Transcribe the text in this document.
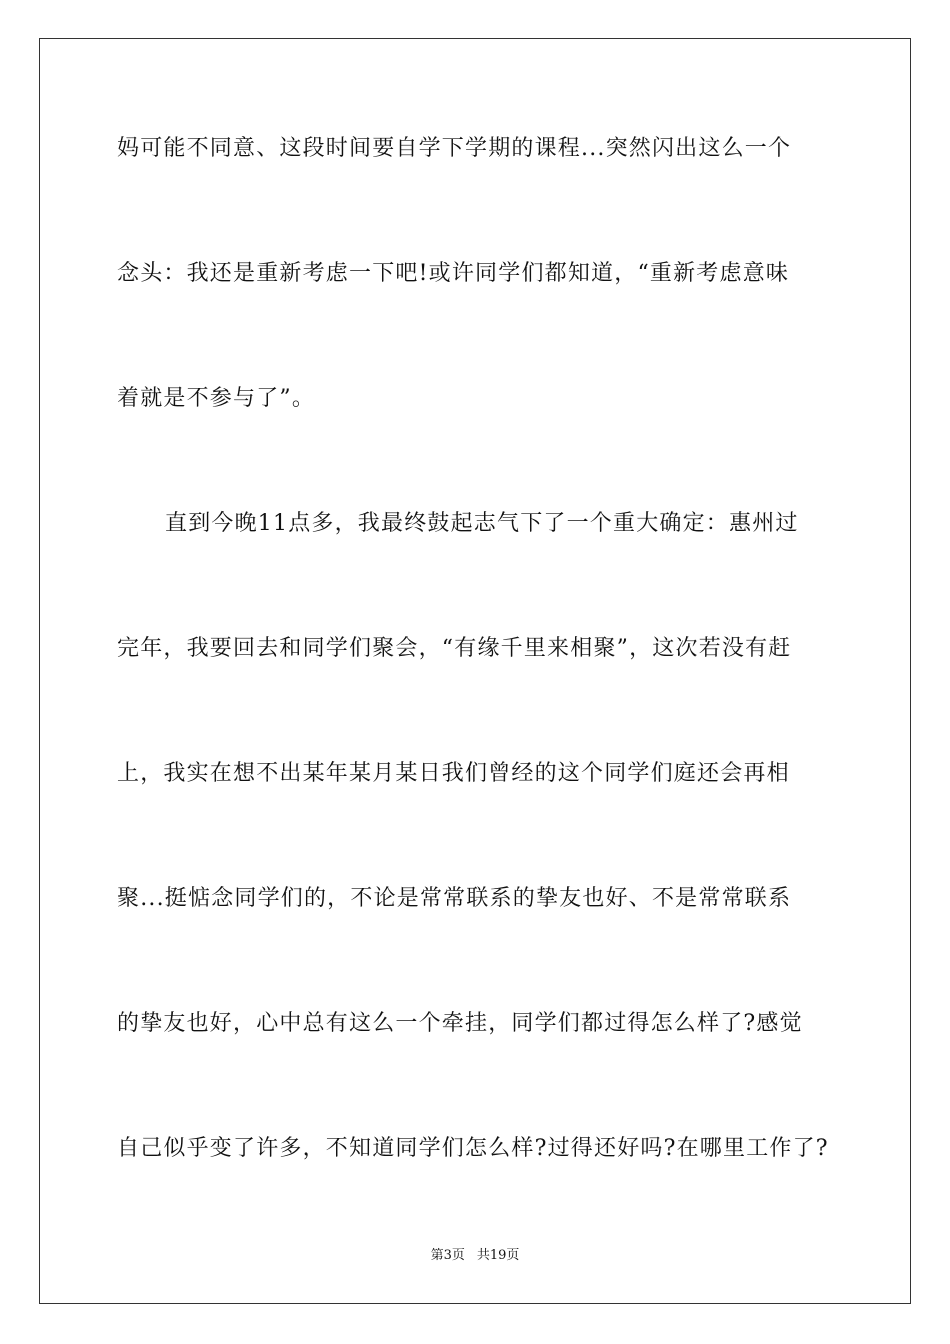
妈可能不同意、这段时间要自学下学期的课程...突然闪出这么一个
念头：我还是重新考虑一下吧!或许同学们都知道，“重新考虑意味
着就是不参与了”。
直到今晚11点多，我最终鼓起志气下了一个重大确定：惠州过
完年，我要回去和同学们聚会，“有缘千里来相聚”，这次若没有赶
上，我实在想不出某年某月某日我们曾经的这个同学们庭还会再相
聚...挺惦念同学们的，不论是常常联系的挚友也好、不是常常联系
的挚友也好，心中总有这么一个牵挂，同学们都过得怎么样了?感觉
自己似乎变了许多，不知道同学们怎么样?过得还好吗?在哪里工作了?
第3页 共19页
